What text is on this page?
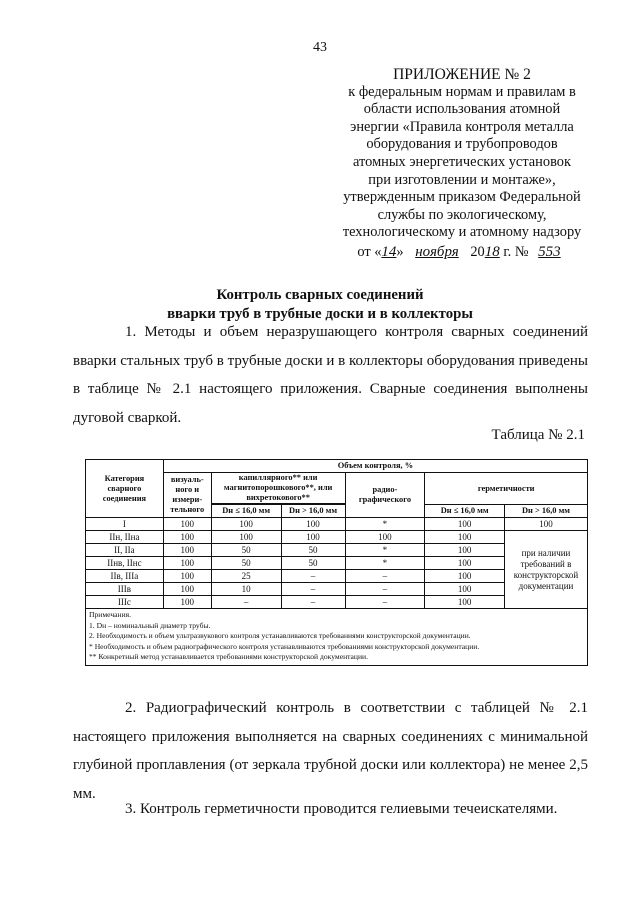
43
ПРИЛОЖЕНИЕ № 2
к федеральным нормам и правилам в
области использования атомной
энергии «Правила контроля металла
оборудования и трубопроводов
атомных энергетических установок
при изготовлении и монтаже»,
утвержденным приказом Федеральной
службы по экологическому,
технологическому и атомному надзору
от «14» ноября 2018 г. № 553
Контроль сварных соединений
вварки труб в трубные доски и в коллекторы
1. Методы и объем неразрушающего контроля сварных соединений вварки стальных труб в трубные доски и в коллекторы оборудования приведены в таблице № 2.1 настоящего приложения. Сварные соединения выполнены дуговой сваркой.
Таблица № 2.1
Категория сварного соединения	Объем контроля, %					
	визуаль-ного и измери-тельного	капиллярного** или магнитопорошкового**, или вихретокового**		радио-графического	герметичности	

		Dн ≤ 16,0 мм	Dн > 16,0 мм		Dн ≤ 16,0 мм	Dн > 16,0 мм
I	100	100	100	*	100	100
IIн, IIнa	100	100	100	100	100	при наличии требований в конструкторской документации
II, IIa	100	50	50	*	100	
IIнв, IIнс	100	50	50	*	100	
IIв, IIIa	100	25	–	–	100	
IIIв	100	10	–	–	100	
IIIc	100	–	–	–	100	

Примечания.
1. Dн – номинальный диаметр трубы.
2. Необходимость и объем ультразвукового контроля устанавливаются требованиями конструкторской документации.
* Необходимость и объем радиографического контроля устанавливаются требованиями конструкторской документации.
** Конкретный метод устанавливается требованиями конструкторской документации.						
2. Радиографический контроль в соответствии с таблицей № 2.1 настоящего приложения выполняется на сварных соединениях с минимальной глубиной проплавления (от зеркала трубной доски или коллектора) не менее 2,5 мм.
3. Контроль герметичности проводится гелиевыми течеискателями.
